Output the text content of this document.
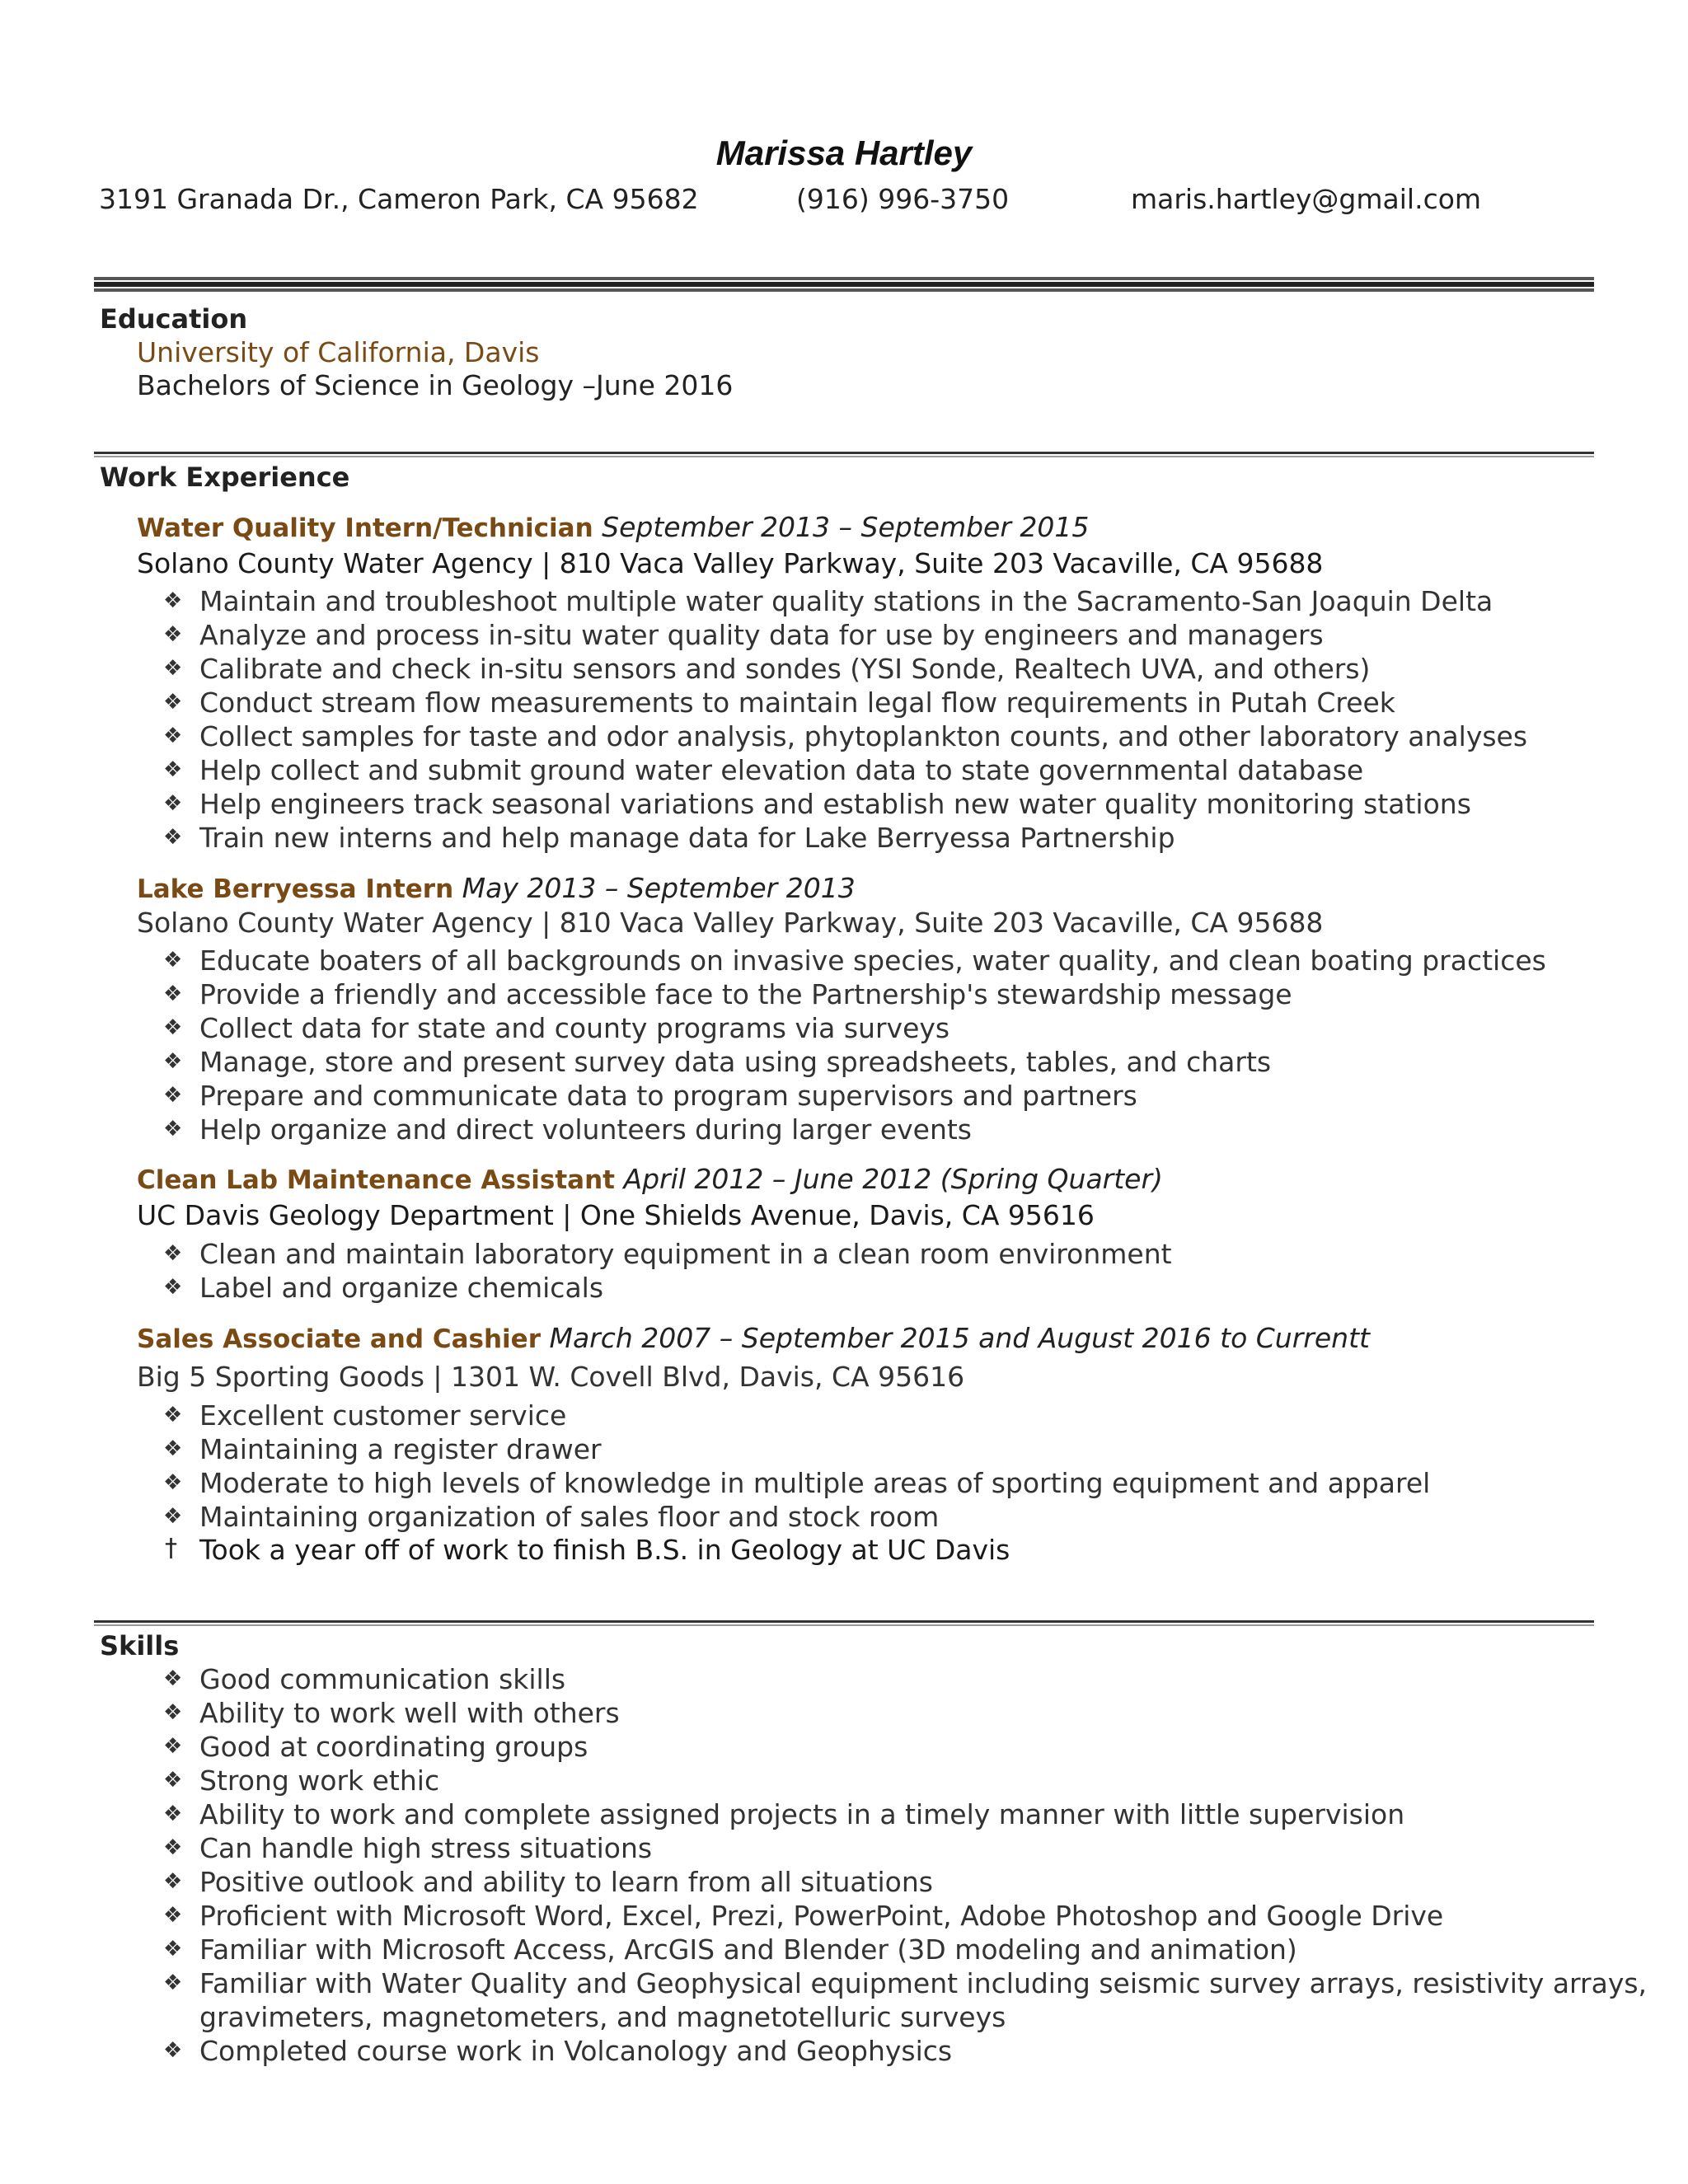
Marissa Hartley
3191 Granada Dr., Cameron Park, CA 95682	(916) 996-3750	maris.hartley@gmail.com
Education
University of California, Davis
Bachelors of Science in Geology –June 2016
Work Experience
Water Quality Intern/Technician September 2013 – September 2015
Solano County Water Agency | 810 Vaca Valley Parkway, Suite 203 Vacaville, CA 95688
❖ Maintain and troubleshoot multiple water quality stations in the Sacramento-San Joaquin Delta
❖ Analyze and process in-situ water quality data for use by engineers and managers
❖ Calibrate and check in-situ sensors and sondes (YSI Sonde, Realtech UVA, and others)
❖ Conduct stream flow measurements to maintain legal flow requirements in Putah Creek
❖ Collect samples for taste and odor analysis, phytoplankton counts, and other laboratory analyses
❖ Help collect and submit ground water elevation data to state governmental database
❖ Help engineers track seasonal variations and establish new water quality monitoring stations
❖ Train new interns and help manage data for Lake Berryessa Partnership
Lake Berryessa Intern May 2013 – September 2013
Solano County Water Agency | 810 Vaca Valley Parkway, Suite 203 Vacaville, CA 95688
❖ Educate boaters of all backgrounds on invasive species, water quality, and clean boating practices
❖ Provide a friendly and accessible face to the Partnership's stewardship message
❖ Collect data for state and county programs via surveys
❖ Manage, store and present survey data using spreadsheets, tables, and charts
❖ Prepare and communicate data to program supervisors and partners
❖ Help organize and direct volunteers during larger events
Clean Lab Maintenance Assistant April 2012 – June 2012 (Spring Quarter)
UC Davis Geology Department | One Shields Avenue, Davis, CA 95616
❖ Clean and maintain laboratory equipment in a clean room environment
❖ Label and organize chemicals
Sales Associate and Cashier March 2007 – September 2015 and August 2016 to Currentt
Big 5 Sporting Goods | 1301 W. Covell Blvd, Davis, CA 95616
❖ Excellent customer service
❖ Maintaining a register drawer
❖ Moderate to high levels of knowledge in multiple areas of sporting equipment and apparel
❖ Maintaining organization of sales floor and stock room
† Took a year off of work to finish B.S. in Geology at UC Davis
Skills
❖ Good communication skills
❖ Ability to work well with others
❖ Good at coordinating groups
❖ Strong work ethic
❖ Ability to work and complete assigned projects in a timely manner with little supervision
❖ Can handle high stress situations
❖ Positive outlook and ability to learn from all situations
❖ Proficient with Microsoft Word, Excel, Prezi, PowerPoint, Adobe Photoshop and Google Drive
❖ Familiar with Microsoft Access, ArcGIS and Blender (3D modeling and animation)
❖ Familiar with Water Quality and Geophysical equipment including seismic survey arrays, resistivity arrays,
gravimeters, magnetometers, and magnetotelluric surveys
❖ Completed course work in Volcanology and Geophysics
